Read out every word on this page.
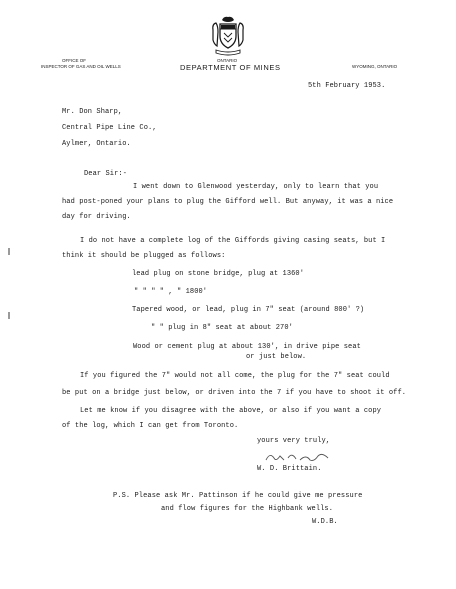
OFFICE OF
INSPECTOR OF GAS AND OIL WELLS
ONTARIO
DEPARTMENT OF MINES	WYOMING, ONTARIO
5th February 1953.
Mr. Don Sharp,
Central Pipe Line Co.,
Aylmer, Ontario.
Dear Sir:-
I went down to Glenwood yesterday, only to learn that you
had post-poned your plans to plug the Gifford well. But anyway, it was a nice
day for driving.
I do not have a complete log of the Giffords giving casing seats, but I
think it should be plugged as follows:
lead plug on stone bridge, plug at 1360'
" " " " , " 1800'
Tapered wood, or lead, plug in 7" seat (around 800' ?)
" " plug in 8" seat at about 270'
Wood or cement plug at about 130', in drive pipe seat
or just below.
If you figured the 7" would not all come, the plug for the 7" seat could
be put on a bridge just below, or driven into the 7 if you have to shoot it off.
Let me know if you disagree with the above, or also if you want a copy
of the log, which I can get from Toronto.
yours very truly,
W. D. Brittain.
P.S. Please ask Mr. Pattinson if he could give me pressure
and flow figures for the Highbank wells.
W.D.B.
